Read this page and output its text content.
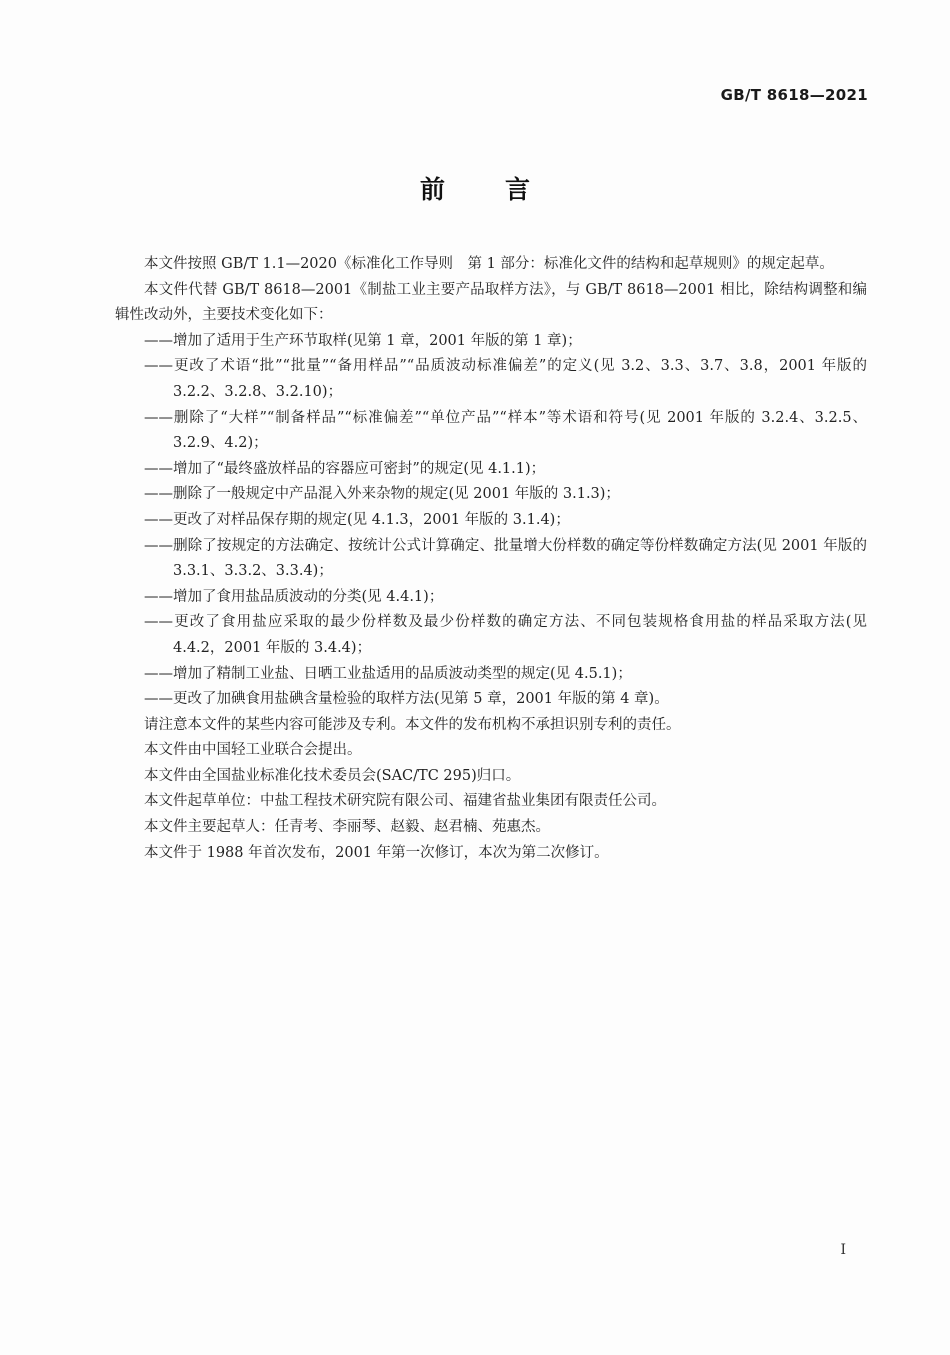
GB/T 8618—2021
前 言

本文件按照 GB/T 1.1—2020《标准化工作导则　第 1 部分：标准化文件的结构和起草规则》的规定起草。

本文件代替 GB/T 8618—2001《制盐工业主要产品取样方法》，与 GB/T 8618—2001 相比，除结构调整和编辑性改动外，主要技术变化如下：

——增加了适用于生产环节取样(见第 1 章，2001 年版的第 1 章)；

——更改了术语“批”“批量”“备用样品”“品质波动标准偏差”的定义(见 3.2、3.3、3.7、3.8，2001 年版的 3.2.2、3.2.8、3.2.10)；

——删除了“大样”“制备样品”“标准偏差”“单位产品”“样本”等术语和符号(见 2001 年版的 3.2.4、3.2.5、3.2.9、4.2)；

——增加了“最终盛放样品的容器应可密封”的规定(见 4.1.1)；

——删除了一般规定中产品混入外来杂物的规定(见 2001 年版的 3.1.3)；

——更改了对样品保存期的规定(见 4.1.3，2001 年版的 3.1.4)；

——删除了按规定的方法确定、按统计公式计算确定、批量增大份样数的确定等份样数确定方法(见 2001 年版的 3.3.1、3.3.2、3.3.4)；

——增加了食用盐品质波动的分类(见 4.4.1)；

——更改了食用盐应采取的最少份样数及最少份样数的确定方法、不同包装规格食用盐的样品采取方法(见 4.4.2，2001 年版的 3.4.4)；

——增加了精制工业盐、日晒工业盐适用的品质波动类型的规定(见 4.5.1)；

——更改了加碘食用盐碘含量检验的取样方法(见第 5 章，2001 年版的第 4 章)。

请注意本文件的某些内容可能涉及专利。本文件的发布机构不承担识别专利的责任。

本文件由中国轻工业联合会提出。

本文件由全国盐业标准化技术委员会(SAC/TC 295)归口。

本文件起草单位：中盐工程技术研究院有限公司、福建省盐业集团有限责任公司。

本文件主要起草人：任青考、李丽琴、赵毅、赵君楠、苑惠杰。

本文件于 1988 年首次发布，2001 年第一次修订，本次为第二次修订。

I
